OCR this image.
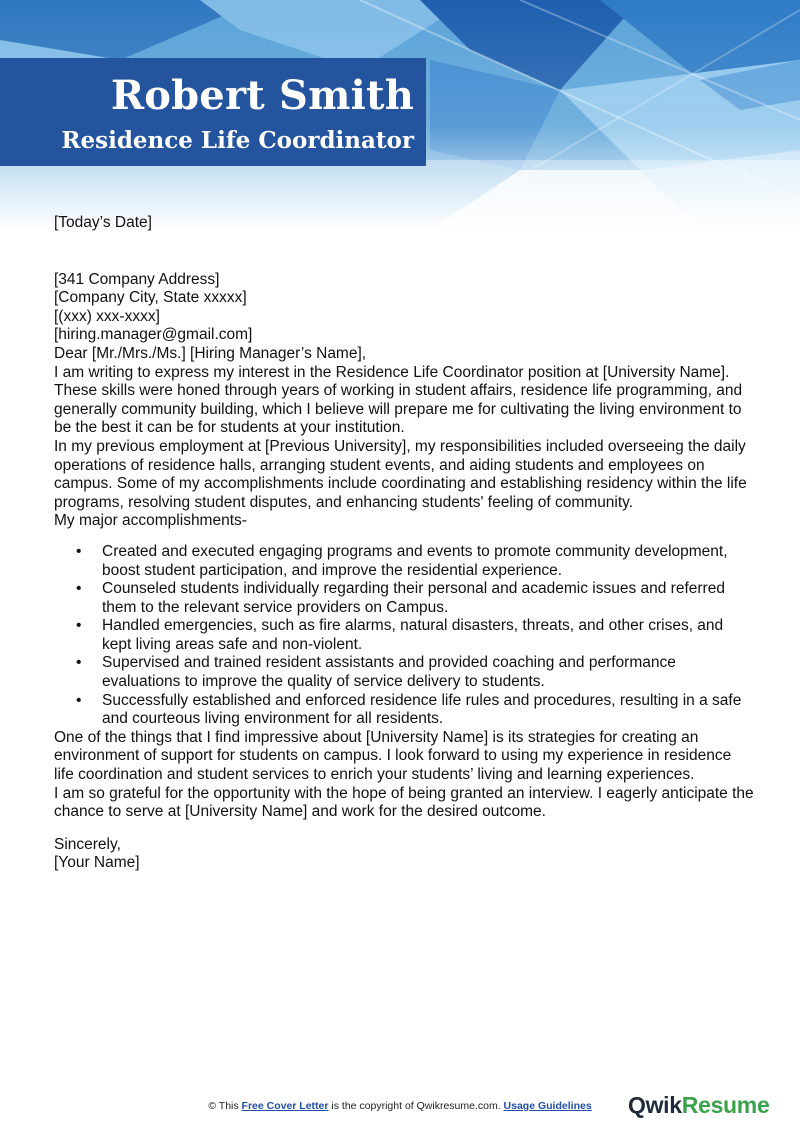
Robert Smith
Residence Life Coordinator

[Today’s Date]

[341 Company Address]

[Company City, State xxxxx]

[(xxx) xxx-xxxx]

[hiring.manager@gmail.com]

Dear [Mr./Mrs./Ms.] [Hiring Manager’s Name],

I am writing to express my interest in the Residence Life Coordinator position at [University Name]. These skills were honed through years of working in student affairs, residence life programming, and generally community building, which I believe will prepare me for cultivating the living environment to be the best it can be for students at your institution.

In my previous employment at [Previous University], my responsibilities included overseeing the daily operations of residence halls, arranging student events, and aiding students and employees on campus. Some of my accomplishments include coordinating and establishing residency within the life programs, resolving student disputes, and enhancing students' feeling of community.

My major accomplishments-

• Created and executed engaging programs and events to promote community development, boost student participation, and improve the residential experience.
• Counseled students individually regarding their personal and academic issues and referred them to the relevant service providers on Campus.
• Handled emergencies, such as fire alarms, natural disasters, threats, and other crises, and kept living areas safe and non-violent.
• Supervised and trained resident assistants and provided coaching and performance evaluations to improve the quality of service delivery to students.
• Successfully established and enforced residence life rules and procedures, resulting in a safe and courteous living environment for all residents.

One of the things that I find impressive about [University Name] is its strategies for creating an environment of support for students on campus. I look forward to using my experience in residence life coordination and student services to enrich your students’ living and learning experiences.

I am so grateful for the opportunity with the hope of being granted an interview. I eagerly anticipate the chance to serve at [University Name] and work for the desired outcome.

Sincerely,

[Your Name]

© This Free Cover Letter is the copyright of Qwikresume.com. Usage Guidelines	QwikResume
